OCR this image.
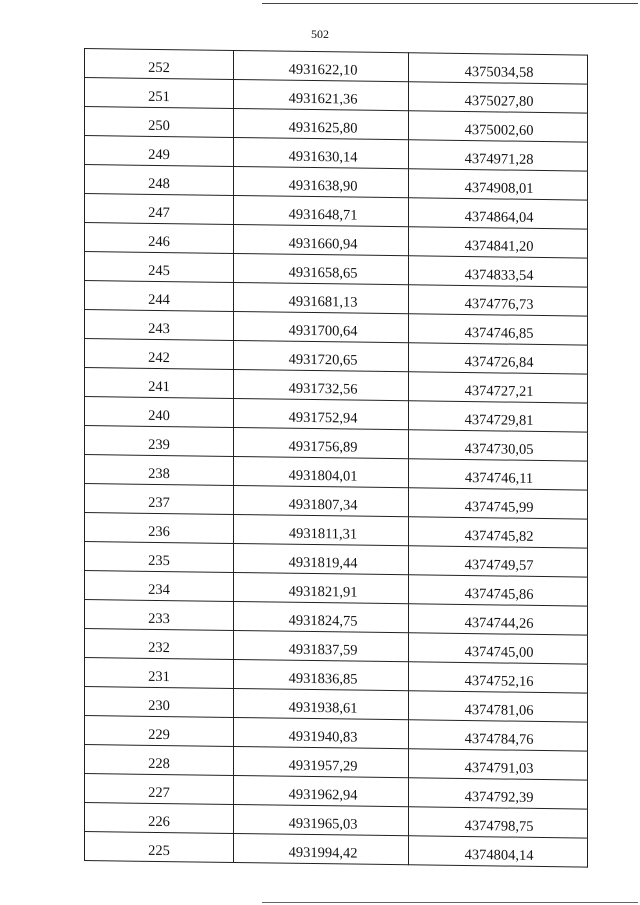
502
252	4931622,10	4375034,58
251	4931621,36	4375027,80
250	4931625,80	4375002,60
249	4931630,14	4374971,28
248	4931638,90	4374908,01
247	4931648,71	4374864,04
246	4931660,94	4374841,20
245	4931658,65	4374833,54
244	4931681,13	4374776,73
243	4931700,64	4374746,85
242	4931720,65	4374726,84
241	4931732,56	4374727,21
240	4931752,94	4374729,81
239	4931756,89	4374730,05
238	4931804,01	4374746,11
237	4931807,34	4374745,99
236	4931811,31	4374745,82
235	4931819,44	4374749,57
234	4931821,91	4374745,86
233	4931824,75	4374744,26
232	4931837,59	4374745,00
231	4931836,85	4374752,16
230	4931938,61	4374781,06
229	4931940,83	4374784,76
228	4931957,29	4374791,03
227	4931962,94	4374792,39
226	4931965,03	4374798,75
225	4931994,42	4374804,14
